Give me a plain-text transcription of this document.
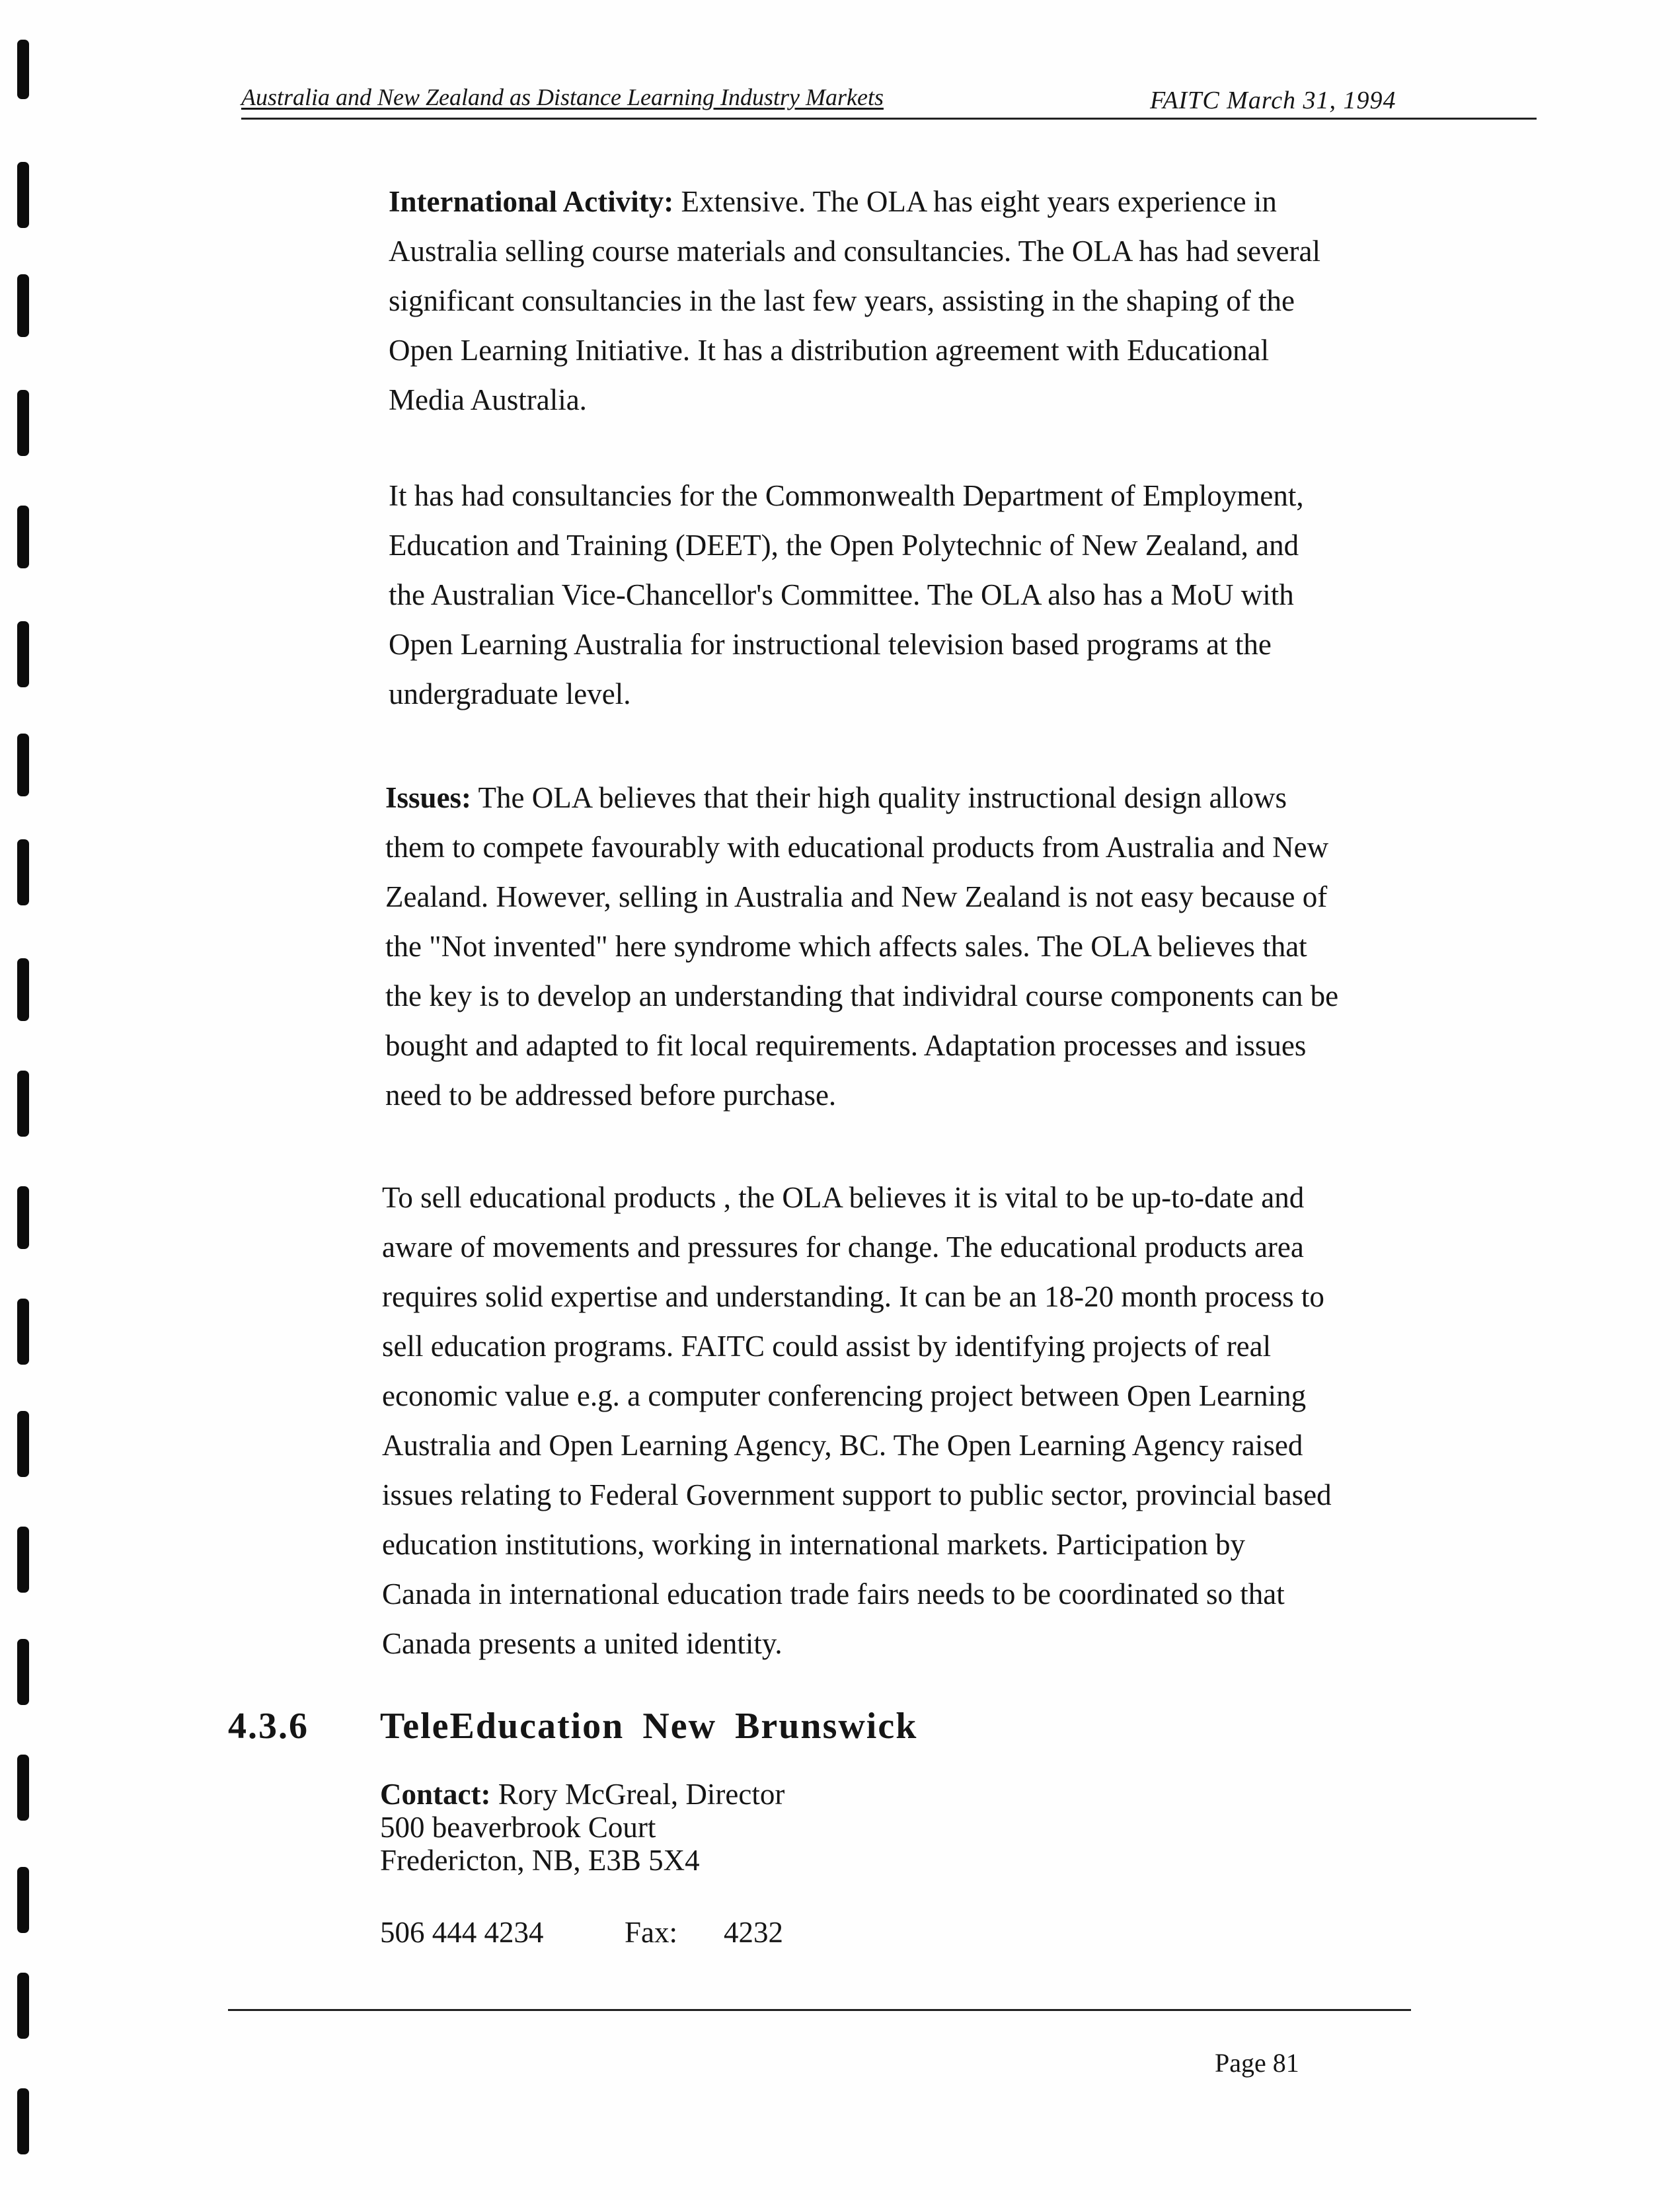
Australia and New Zealand as Distance Learning Industry Markets	FAITC March 31, 1994

International Activity: Extensive. The OLA has eight years experience in
Australia selling course materials and consultancies. The OLA has had several
significant consultancies in the last few years, assisting in the shaping of the
Open Learning Initiative. It has a distribution agreement with Educational
Media Australia.

It has had consultancies for the Commonwealth Department of Employment,
Education and Training (DEET), the Open Polytechnic of New Zealand, and
the Australian Vice-Chancellor's Committee. The OLA also has a MoU with
Open Learning Australia for instructional television based programs at the
undergraduate level.

Issues: The OLA believes that their high quality instructional design allows
them to compete favourably with educational products from Australia and New
Zealand. However, selling in Australia and New Zealand is not easy because of
the "Not invented" here syndrome which affects sales. The OLA believes that
the key is to develop an understanding that individral course components can be
bought and adapted to fit local requirements. Adaptation processes and issues
need to be addressed before purchase.

To sell educational products , the OLA believes it is vital to be up-to-date and
aware of movements and pressures for change. The educational products area
requires solid expertise and understanding. It can be an 18-20 month process to
sell education programs. FAITC could assist by identifying projects of real
economic value e.g. a computer conferencing project between Open Learning
Australia and Open Learning Agency, BC. The Open Learning Agency raised
issues relating to Federal Government support to public sector, provincial based
education institutions, working in international markets. Participation by
Canada in international education trade fairs needs to be coordinated so that
Canada presents a united identity.

4.3.6 TeleEducation New Brunswick
Contact: Rory McGreal, Director
500 beaverbrook Court
Fredericton, NB, E3B 5X4
506 444 4234	Fax: 4232
Page 81
